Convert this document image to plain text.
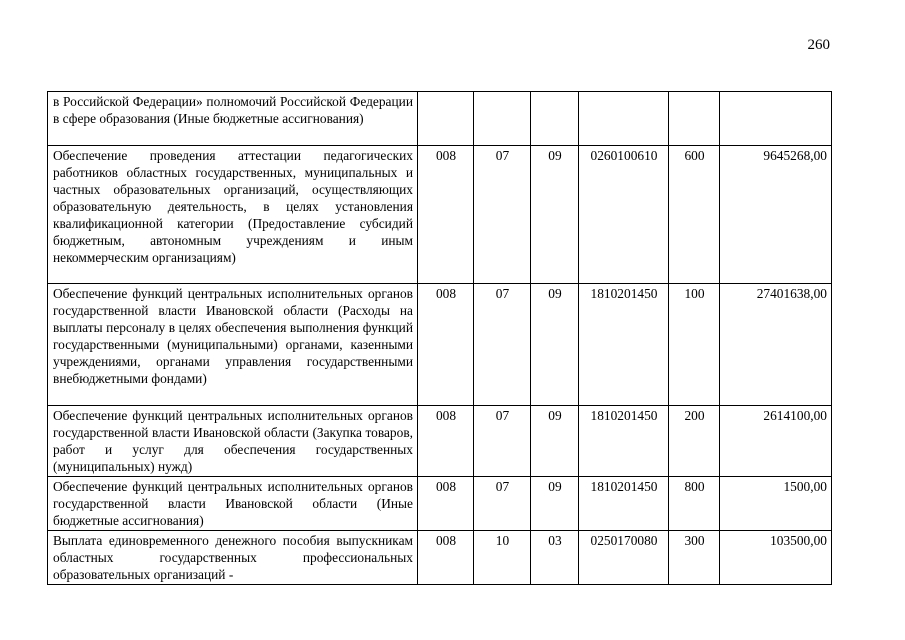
260
в Российской Федерации» полномочий Российской Федерации в сфере образования (Иные бюджетные ассигнования)						
Обеспечение проведения аттестации педагогических работников областных государственных, муниципальных и частных образовательных организаций, осуществляющих образовательную деятельность, в целях установления квалификационной категории (Предоставление субсидий бюджетным, автономным учреждениям и иным некоммерческим организациям)	008	07	09	0260100610	600	9645268,00
Обеспечение функций центральных исполнительных органов государственной власти Ивановской области (Расходы на выплаты персоналу в целях обеспечения выполнения функций государственными (муниципальными) органами, казенными учреждениями, органами управления государственными внебюджетными фондами)	008	07	09	1810201450	100	27401638,00
Обеспечение функций центральных исполнительных органов государственной власти Ивановской области (Закупка товаров, работ и услуг для обеспечения государственных (муниципальных) нужд)	008	07	09	1810201450	200	2614100,00
Обеспечение функций центральных исполнительных органов государственной власти Ивановской области (Иные бюджетные ассигнования)	008	07	09	1810201450	800	1500,00
Выплата единовременного денежного пособия выпускникам областных государственных профессиональных образовательных организаций -	008	10	03	0250170080	300	103500,00
